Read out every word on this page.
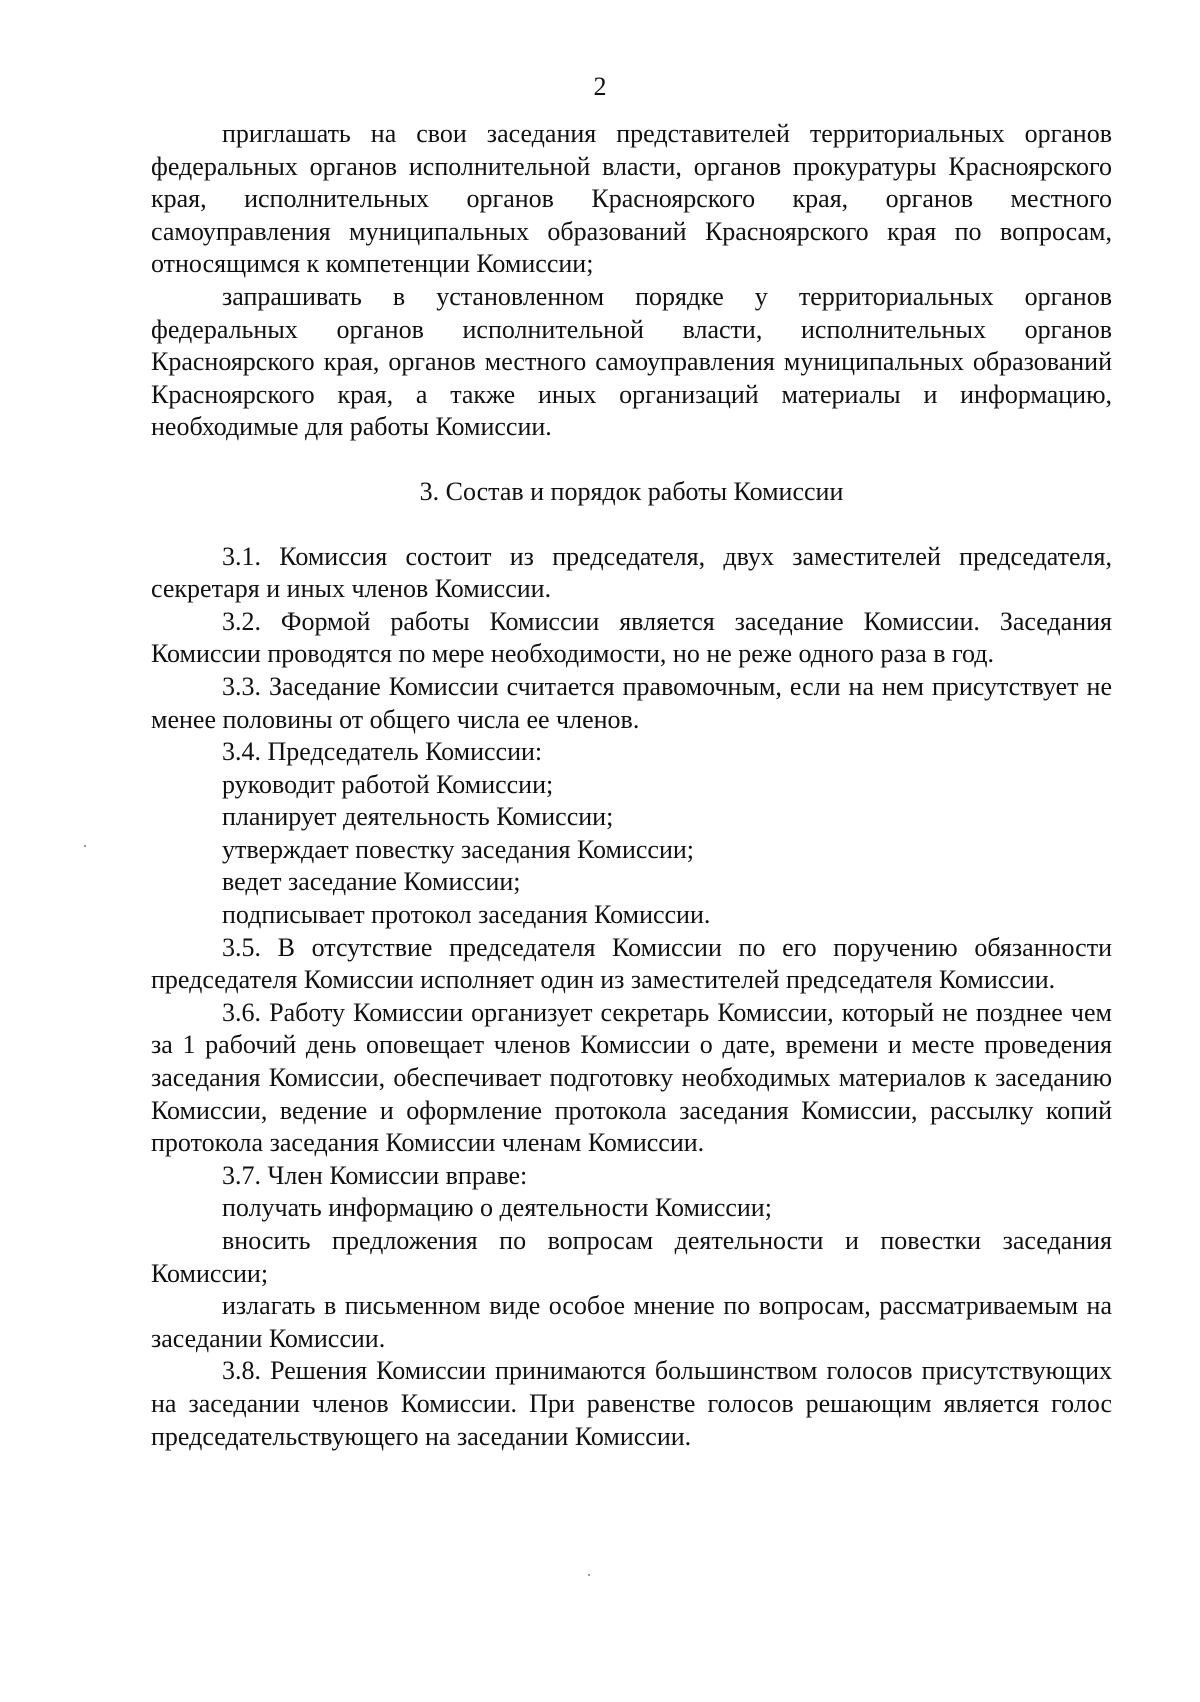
2

приглашать на свои заседания представителей территориальных органов федеральных органов исполнительной власти, органов прокуратуры Красноярского края, исполнительных органов Красноярского края, органов местного самоуправления муниципальных образований Красноярского края по вопросам, относящимся к компетенции Комиссии;

запрашивать в установленном порядке у территориальных органов федеральных органов исполнительной власти, исполнительных органов Красноярского края, органов местного самоуправления муниципальных образований Красноярского края, а также иных организаций материалы и информацию, необходимые для работы Комиссии.

3. Состав и порядок работы Комиссии

3.1. Комиссия состоит из председателя, двух заместителей председателя, секретаря и иных членов Комиссии.

3.2. Формой работы Комиссии является заседание Комиссии. Заседания Комиссии проводятся по мере необходимости, но не реже одного раза в год.

3.3. Заседание Комиссии считается правомочным, если на нем присутствует не менее половины от общего числа ее членов.

3.4. Председатель Комиссии:

руководит работой Комиссии;

планирует деятельность Комиссии;

утверждает повестку заседания Комиссии;

ведет заседание Комиссии;

подписывает протокол заседания Комиссии.

3.5. В отсутствие председателя Комиссии по его поручению обязанности председателя Комиссии исполняет один из заместителей председателя Комиссии.

3.6. Работу Комиссии организует секретарь Комиссии, который не позднее чем за 1 рабочий день оповещает членов Комиссии о дате, времени и месте проведения заседания Комиссии, обеспечивает подготовку необходимых материалов к заседанию Комиссии, ведение и оформление протокола заседания Комиссии, рассылку копий протокола заседания Комиссии членам Комиссии.

3.7. Член Комиссии вправе:

получать информацию о деятельности Комиссии;

вносить предложения по вопросам деятельности и повестки заседания Комиссии;

излагать в письменном виде особое мнение по вопросам, рассматриваемым на заседании Комиссии.

3.8. Решения Комиссии принимаются большинством голосов присутствующих на заседании членов Комиссии. При равенстве голосов решающим является голос председательствующего на заседании Комиссии.
